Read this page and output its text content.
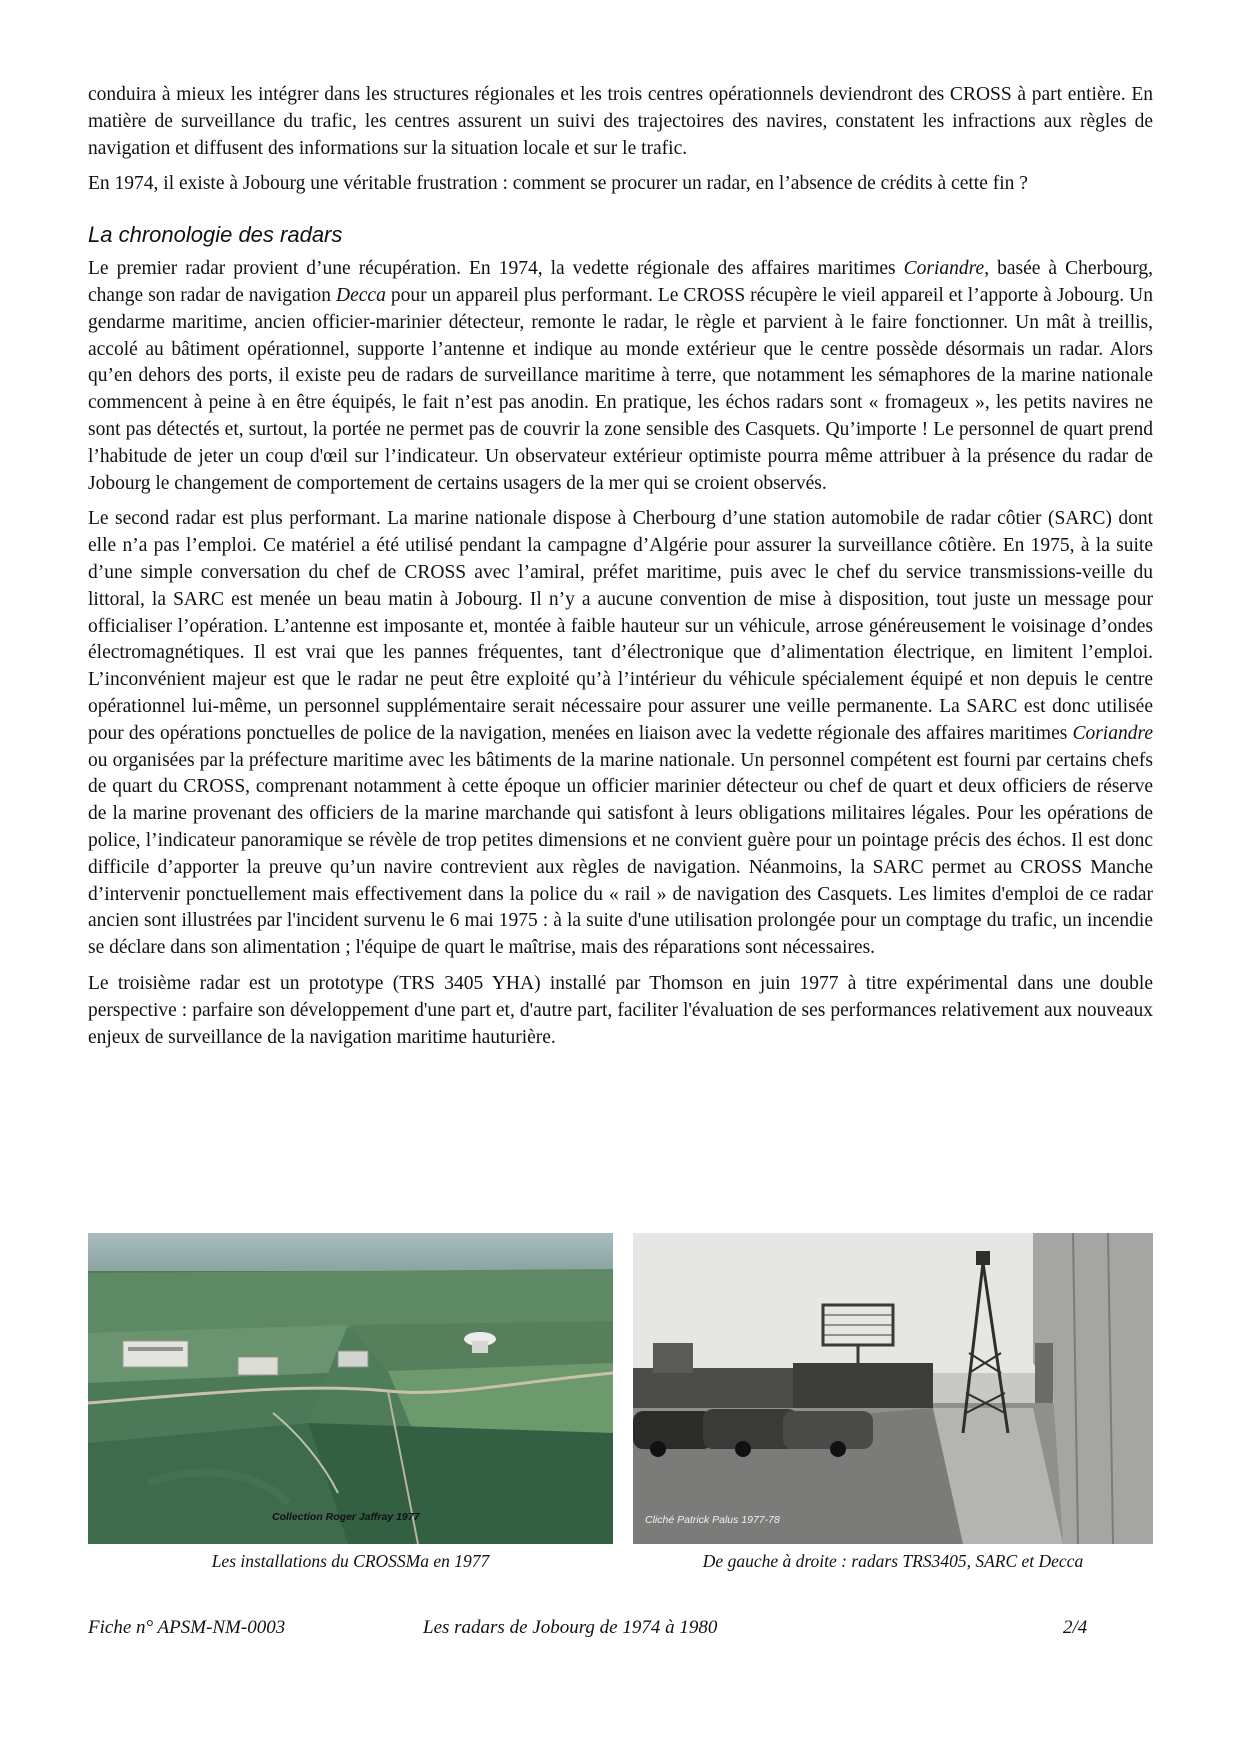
conduira à mieux les intégrer dans les structures régionales et les trois centres opérationnels deviendront des CROSS à part entière. En matière de surveillance du trafic, les centres assurent un suivi des trajectoires des navires, constatent les infractions aux règles de navigation et diffusent des informations sur la situation locale et sur le trafic.

En 1974, il existe à Jobourg une véritable frustration : comment se procurer un radar, en l’absence de crédits à cette fin ?

La chronologie des radars

Le premier radar provient d’une récupération. En 1974, la vedette régionale des affaires maritimes Coriandre, basée à Cherbourg, change son radar de navigation Decca pour un appareil plus performant. Le CROSS récupère le vieil appareil et l’apporte à Jobourg. Un gendarme maritime, ancien officier-marinier détecteur, remonte le radar, le règle et parvient à le faire fonctionner. Un mât à treillis, accolé au bâtiment opérationnel, supporte l’antenne et indique au monde extérieur que le centre possède désormais un radar. Alors qu’en dehors des ports, il existe peu de radars de surveillance maritime à terre, que notamment les sémaphores de la marine nationale commencent à peine à en être équipés, le fait n’est pas anodin. En pratique, les échos radars sont « fromageux », les petits navires ne sont pas détectés et, surtout, la portée ne permet pas de couvrir la zone sensible des Casquets. Qu’importe ! Le personnel de quart prend l’habitude de jeter un coup d'œil sur l’indicateur. Un observateur extérieur optimiste pourra même attribuer à la présence du radar de Jobourg le changement de comportement de certains usagers de la mer qui se croient observés.

Le second radar est plus performant. La marine nationale dispose à Cherbourg d’une station automobile de radar côtier (SARC) dont elle n’a pas l’emploi. Ce matériel a été utilisé pendant la campagne d’Algérie pour assurer la surveillance côtière. En 1975, à la suite d’une simple conversation du chef de CROSS avec l’amiral, préfet maritime, puis avec le chef du service transmissions-veille du littoral, la SARC est menée un beau matin à Jobourg. Il n’y a aucune convention de mise à disposition, tout juste un message pour officialiser l’opération. L’antenne est imposante et, montée à faible hauteur sur un véhicule, arrose généreusement le voisinage d’ondes électromagnétiques. Il est vrai que les pannes fréquentes, tant d’électronique que d’alimentation électrique, en limitent l’emploi. L’inconvénient majeur est que le radar ne peut être exploité qu’à l’intérieur du véhicule spécialement équipé et non depuis le centre opérationnel lui-même, un personnel supplémentaire serait nécessaire pour assurer une veille permanente. La SARC est donc utilisée pour des opérations ponctuelles de police de la navigation, menées en liaison avec la vedette régionale des affaires maritimes Coriandre ou organisées par la préfecture maritime avec les bâtiments de la marine nationale. Un personnel compétent est fourni par certains chefs de quart du CROSS, comprenant notamment à cette époque un officier marinier détecteur ou chef de quart et deux officiers de réserve de la marine provenant des officiers de la marine marchande qui satisfont à leurs obligations militaires légales. Pour les opérations de police, l’indicateur panoramique se révèle de trop petites dimensions et ne convient guère pour un pointage précis des échos. Il est donc difficile d’apporter la preuve qu’un navire contrevient aux règles de navigation. Néanmoins, la SARC permet au CROSS Manche d’intervenir ponctuellement mais effectivement dans la police du « rail » de navigation des Casquets. Les limites d'emploi de ce radar ancien sont illustrées par l'incident survenu le 6 mai 1975 : à la suite d'une utilisation prolongée pour un comptage du trafic, un incendie se déclare dans son alimentation ; l'équipe de quart le maîtrise, mais des réparations sont nécessaires.

Le troisième radar est un prototype (TRS 3405 YHA) installé par Thomson en juin 1977 à titre expérimental dans une double perspective : parfaire son développement d'une part et, d'autre part, faciliter l'évaluation de ses performances relativement aux nouveaux enjeux de surveillance de la navigation maritime hauturière.

Collection Roger Jaffray 1977
Les installations du CROSSMa en 1977
Cliché Patrick Palus 1977-78
De gauche à droite : radars TRS3405, SARC et Decca
Fiche n° APSM-NM-0003	Les radars de Jobourg de 1974 à 1980	2/4
